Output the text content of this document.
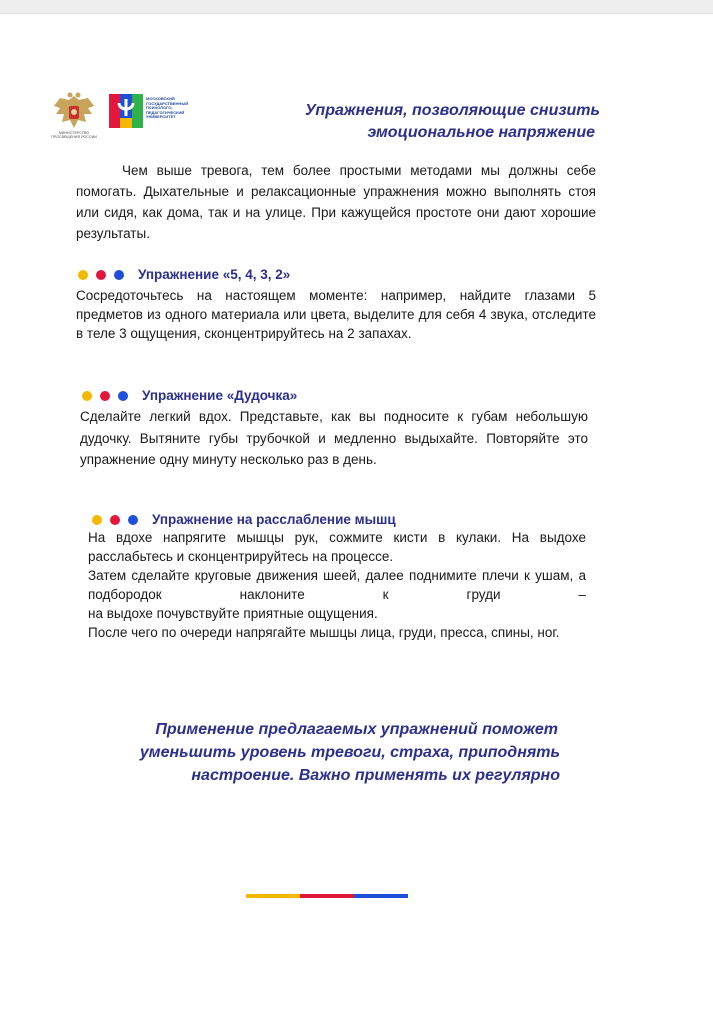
МИНИСТЕРСТВО ПРОСВЕЩЕНИЯ РОССИИ
МОСКОВСКИЙ ГОСУДАРСТВЕННЫЙ ПСИХОЛОГО-ПЕДАГОГИЧЕСКИЙ УНИВЕРСИТЕТ	Упражнения, позволяющие снизить
эмоциональное напряжение
Чем выше тревога, тем более простыми методами мы должны себе помогать. Дыхательные и релаксационные упражнения можно выполнять стоя или сидя, как дома, так и на улице. При кажущейся простоте они дают хорошие результаты.
Упражнение «5, 4, 3, 2»

Сосредоточьтесь на настоящем моменте: например, найдите глазами 5 предметов из одного материала или цвета, выделите для себя 4 звука, отследите в теле 3 ощущения, сконцентрируйтесь на 2 запахах.

Упражнение «Дудочка»

Сделайте легкий вдох. Представьте, как вы подносите к губам небольшую дудочку. Вытяните губы трубочкой и медленно выдыхайте. Повторяйте это упражнение одну минуту несколько раз в день.

Упражнение на расслабление мышц

На вдохе напрягите мышцы рук, сожмите кисти в кулаки. На выдохе расслабьтесь и сконцентрируйтесь на процессе.

Затем сделайте круговые движения шеей, далее поднимите плечи к ушам, а подбородок наклоните к груди –

на выдохе почувствуйте приятные ощущения.

После чего по очереди напрягайте мышцы лица, груди, пресса, спины, ног.

Применение предлагаемых упражнений поможет
уменьшить уровень тревоги, страха, приподнять
настроение. Важно применять их регулярно
